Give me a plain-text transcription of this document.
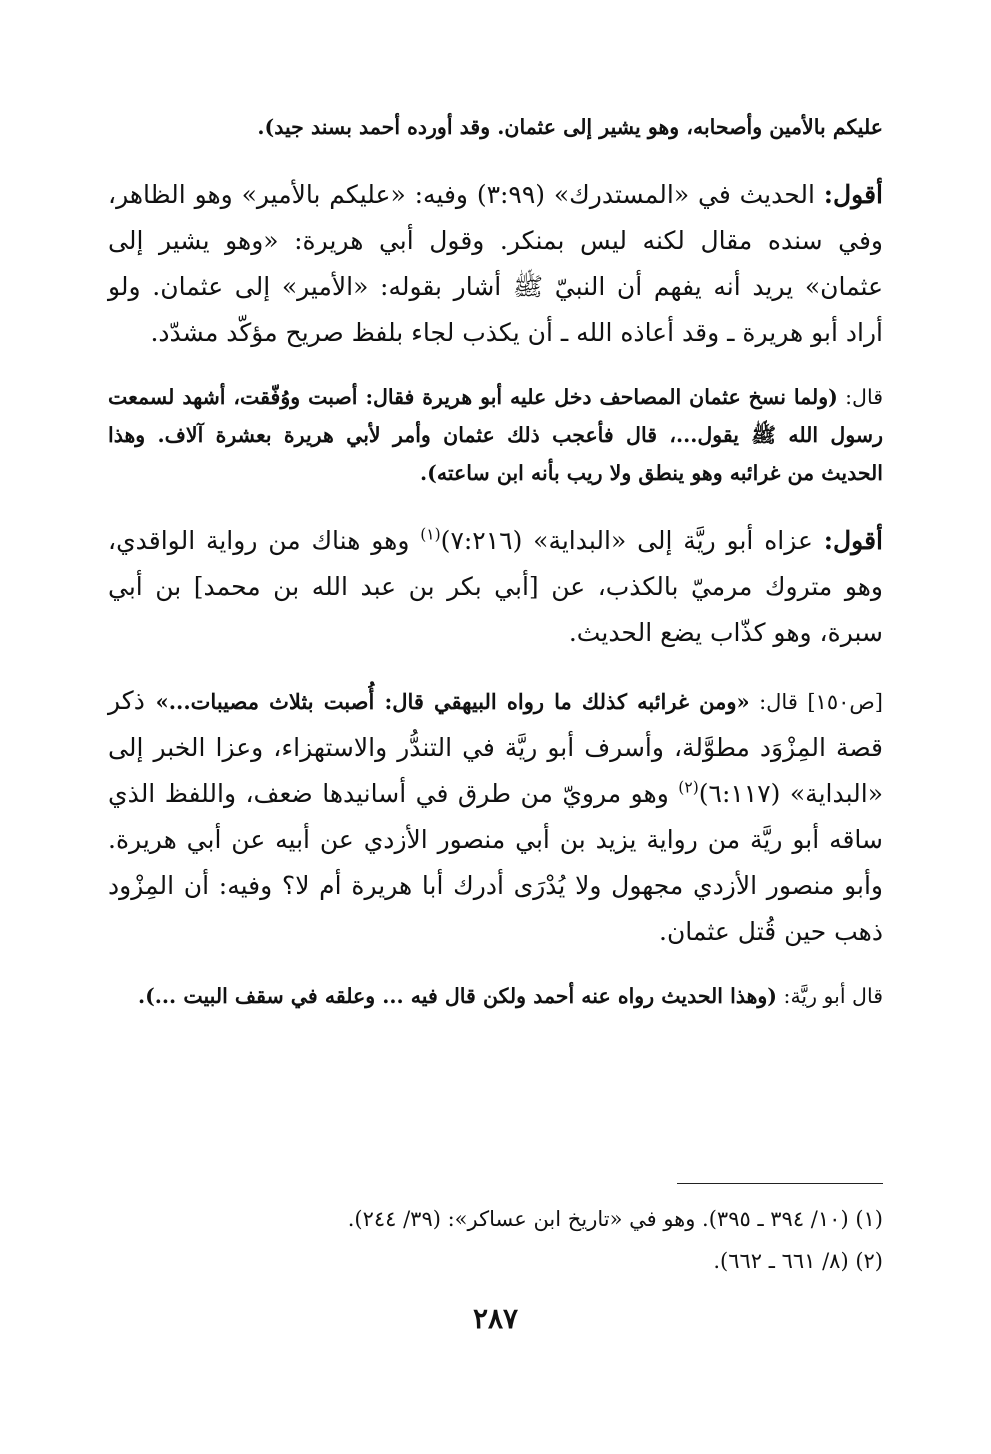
عليكم بالأمين وأصحابه، وهو يشير إلى عثمان. وقد أورده أحمد بسند جيد).

أقول: الحديث في «المستدرك» (٣:٩٩) وفيه: «عليكم بالأمير» وهو الظاهر، وفي سنده مقال لكنه ليس بمنكر. وقول أبي هريرة: «وهو يشير إلى عثمان» يريد أنه يفهم أن النبيّ ﷺ أشار بقوله: «الأمير» إلى عثمان. ولو أراد أبو هريرة ـ وقد أعاذه الله ـ أن يكذب لجاء بلفظ صريح مؤكّد مشدّد.

قال: (ولما نسخ عثمان المصاحف دخل عليه أبو هريرة فقال: أصبت ووُفّقت، أشهد لسمعت رسول الله ﷺ يقول...، قال فأعجب ذلك عثمان وأمر لأبي هريرة بعشرة آلاف. وهذا الحديث من غرائبه وهو ينطق ولا ريب بأنه ابن ساعته).

أقول: عزاه أبو ريَّة إلى «البداية» (٧:٢١٦)$^{(١)}$ وهو هناك من رواية الواقدي، وهو متروك مرميّ بالكذب، عن [أبي بكر بن عبد الله بن محمد] بن أبي سبرة، وهو كذّاب يضع الحديث.

[ص١٥٠] قال: «ومن غرائبه كذلك ما رواه البيهقي قال: أُصبت بثلاث مصيبات...» ذكر قصة المِزْوَد مطوَّلة، وأسرف أبو ريَّة في التندُّر والاستهزاء، وعزا الخبر إلى «البداية» (٦:١١٧)$^{(٢)}$ وهو مرويّ من طرق في أسانيدها ضعف، واللفظ الذي ساقه أبو ريَّة من رواية يزيد بن أبي منصور الأزدي عن أبيه عن أبي هريرة. وأبو منصور الأزدي مجهول ولا يُدْرَى أدرك أبا هريرة أم لا؟ وفيه: أن المِزْود ذهب حين قُتل عثمان.

قال أبو ريَّة: (وهذا الحديث رواه عنه أحمد ولكن قال فيه ... وعلقه في سقف البيت ...).

(١) (١٠/ ٣٩٤ ـ ٣٩٥). وهو في «تاريخ ابن عساكر»: (٣٩/ ٢٤٤).
(٢) (٨/ ٦٦١ ـ ٦٦٢).
٢٨٧
